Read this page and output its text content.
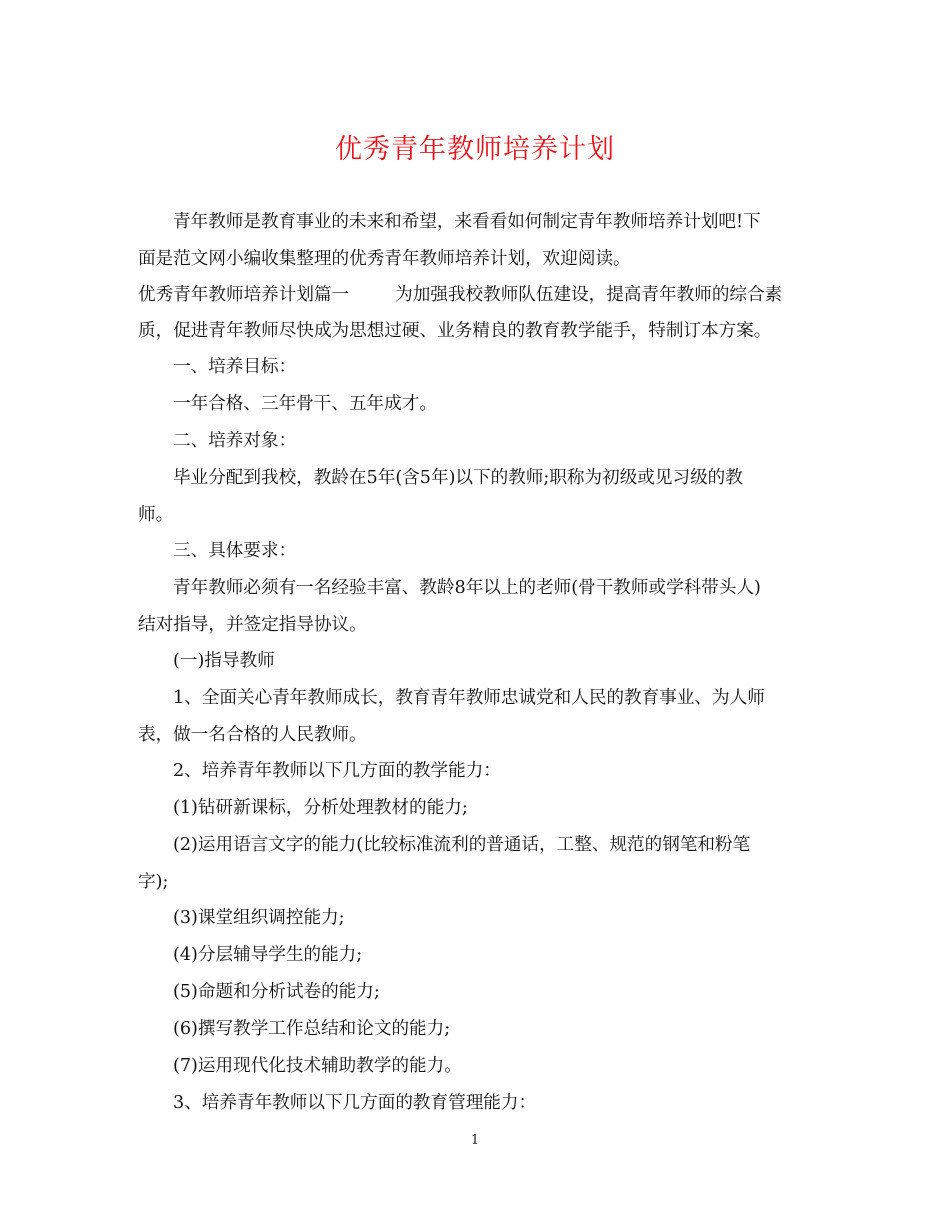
优秀青年教师培养计划

青年教师是教育事业的未来和希望，来看看如何制定青年教师培养计划吧!下
面是范文网小编收集整理的优秀青年教师培养计划，欢迎阅读。
优秀青年教师培养计划篇一	为加强我校教师队伍建设，提高青年教师的综合素
质，促进青年教师尽快成为思想过硬、业务精良的教育教学能手，特制订本方案。

一、培养目标：

一年合格、三年骨干、五年成才。

二、培养对象：

毕业分配到我校，教龄在5年(含5年)以下的教师;职称为初级或见习级的教
师。

三、具体要求：

青年教师必须有一名经验丰富、教龄8年以上的老师(骨干教师或学科带头人)
结对指导，并签定指导协议。

(一)指导教师

1、全面关心青年教师成长，教育青年教师忠诚党和人民的教育事业、为人师
表，做一名合格的人民教师。

2、培养青年教师以下几方面的教学能力：

(1)钻研新课标，分析处理教材的能力;

(2)运用语言文字的能力(比较标准流利的普通话，工整、规范的钢笔和粉笔
字);

(3)课堂组织调控能力;

(4)分层辅导学生的能力;

(5)命题和分析试卷的能力;

(6)撰写教学工作总结和论文的能力;

(7)运用现代化技术辅助教学的能力。

3、培养青年教师以下几方面的教育管理能力：

1
